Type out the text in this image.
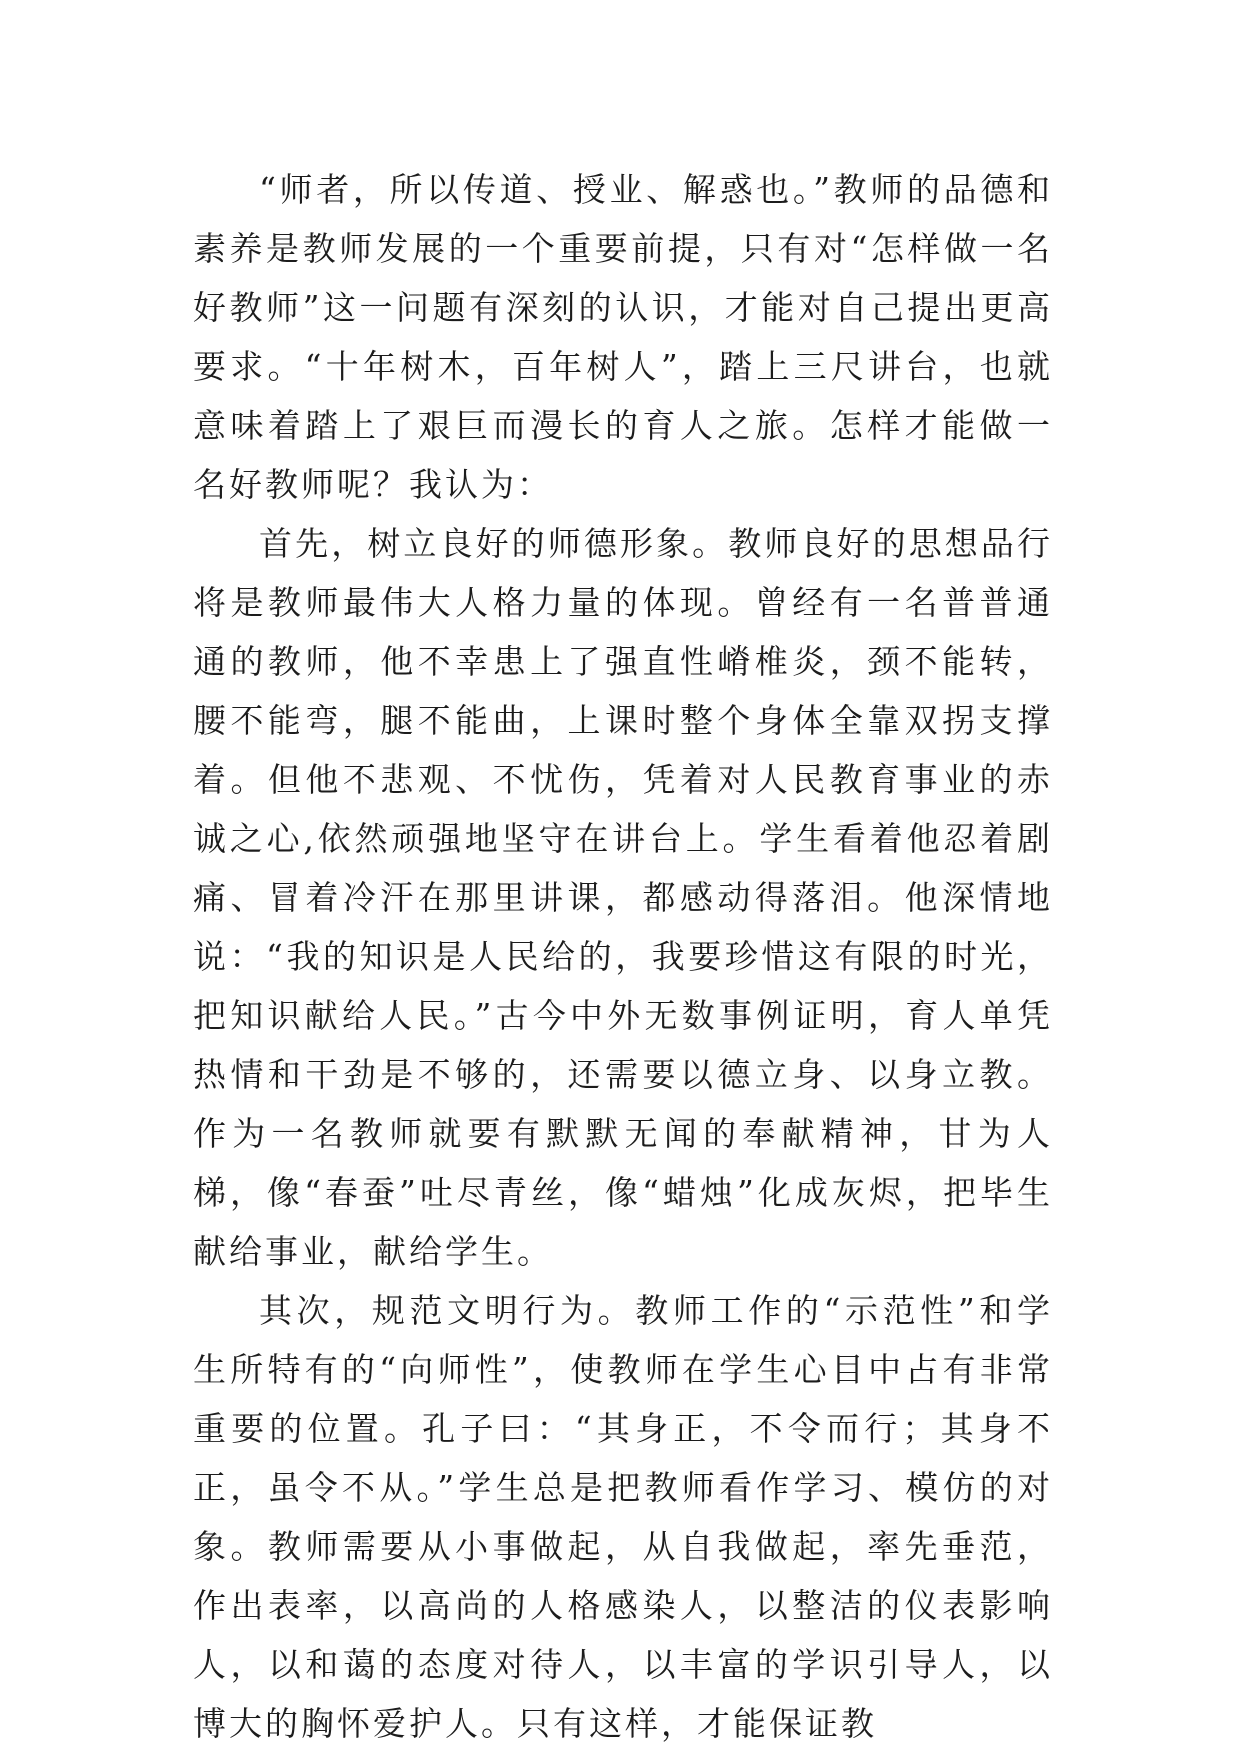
“师者，所以传道、授业、解惑也。”教师的品德和素养是教师发展的一个重要前提，只有对“怎样做一名好教师”这一问题有深刻的认识，才能对自己提出更高要求。“十年树木，百年树人”，踏上三尺讲台，也就意味着踏上了艰巨而漫长的育人之旅。怎样才能做一名好教师呢？我认为：

首先，树立良好的师德形象。教师良好的思想品行将是教师最伟大人格力量的体现。曾经有一名普普通通的教师，他不幸患上了强直性嵴椎炎，颈不能转，腰不能弯，腿不能曲，上课时整个身体全靠双拐支撑着。但他不悲观、不忧伤，凭着对人民教育事业的赤诚之心,依然顽强地坚守在讲台上。学生看着他忍着剧痛、冒着冷汗在那里讲课，都感动得落泪。他深情地说：“我的知识是人民给的，我要珍惜这有限的时光，把知识献给人民。”古今中外无数事例证明，育人单凭热情和干劲是不够的，还需要以德立身、以身立教。作为一名教师就要有默默无闻的奉献精神，甘为人梯，像“春蚕”吐尽青丝，像“蜡烛”化成灰烬，把毕生献给事业，献给学生。

其次，规范文明行为。教师工作的“示范性”和学生所特有的“向师性”，使教师在学生心目中占有非常重要的位置。孔子曰：“其身正，不令而行；其身不正，虽令不从。”学生总是把教师看作学习、模仿的对象。教师需要从小事做起，从自我做起，率先垂范，作出表率，以高尚的人格感染人，以整洁的仪表影响人，以和蔼的态度对待人，以丰富的学识引导人，以博大的胸怀爱护人。只有这样，才能保证教
